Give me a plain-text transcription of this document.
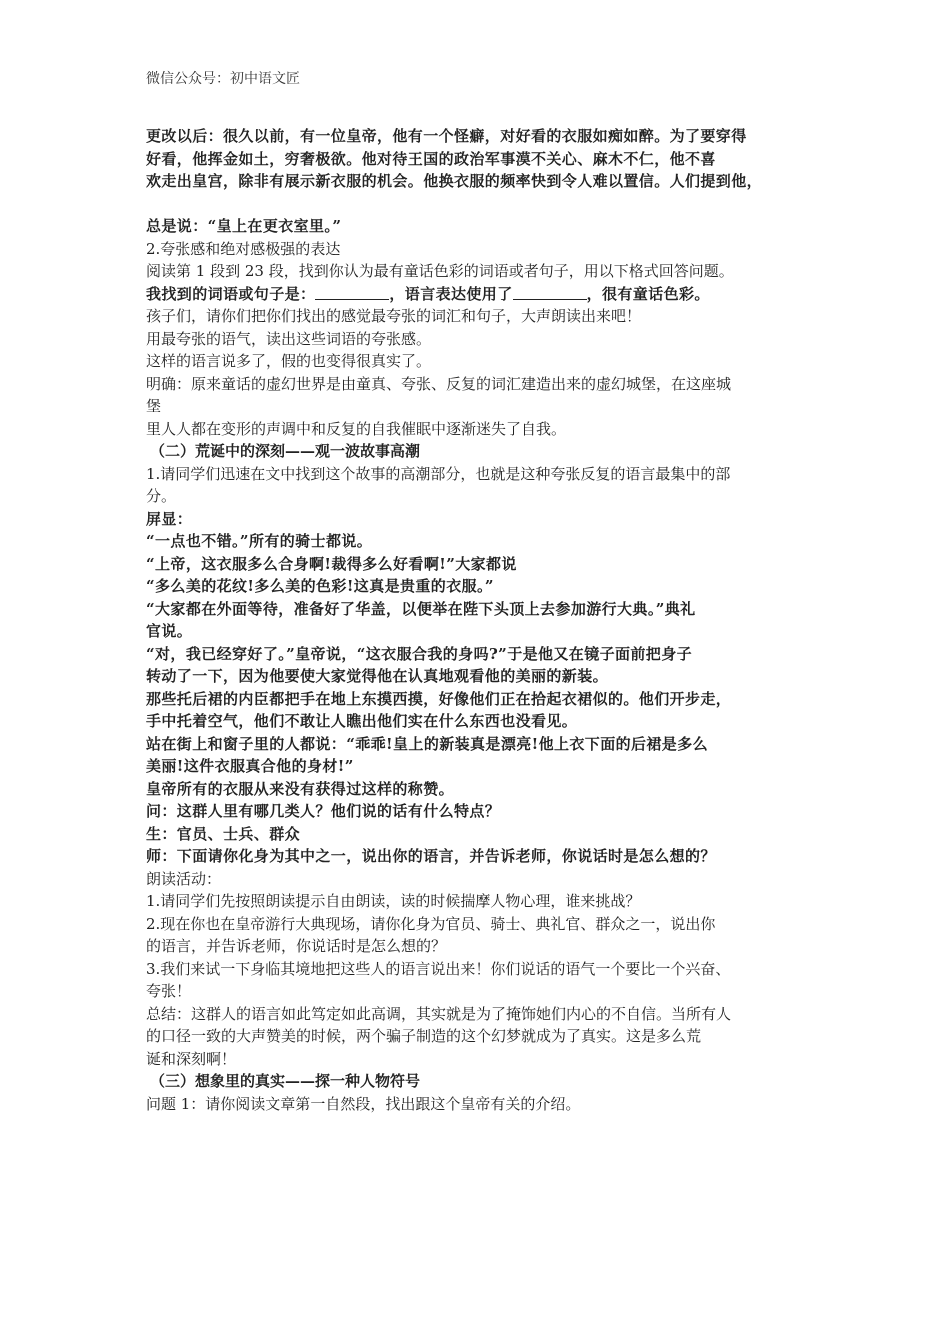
微信公众号：初中语文匠
更改以后：很久以前，有一位皇帝，他有一个怪癖，对好看的衣服如痴如醉。为了要穿得
好看，他挥金如土，穷奢极欲。他对待王国的政治军事漠不关心、麻木不仁，他不喜
欢走出皇宫，除非有展示新衣服的机会。他换衣服的频率快到令人难以置信。人们提到他，
总是说：“皇上在更衣室里。”
2.夸张感和绝对感极强的表达
阅读第 1 段到 23 段，找到你认为最有童话色彩的词语或者句子，用以下格式回答问题。
我找到的词语或句子是：	，语言表达使用了	，很有童话色彩。
孩子们，请你们把你们找出的感觉最夸张的词汇和句子，大声朗读出来吧！
用最夸张的语气，读出这些词语的夸张感。
这样的语言说多了，假的也变得很真实了。
明确：原来童话的虚幻世界是由童真、夸张、反复的词汇建造出来的虚幻城堡，在这座城
堡
里人人都在变形的声调中和反复的自我催眠中逐渐迷失了自我。
（二）荒诞中的深刻——观一波故事高潮
1.请同学们迅速在文中找到这个故事的高潮部分，也就是这种夸张反复的语言最集中的部
分。
屏显：
“一点也不错。”所有的骑士都说。
“上帝，这衣服多么合身啊!裁得多么好看啊!”大家都说
“多么美的花纹!多么美的色彩!这真是贵重的衣服。”
“大家都在外面等待，准备好了华盖，以便举在陛下头顶上去参加游行大典。”典礼
官说。
“对，我已经穿好了。”皇帝说，“这衣服合我的身吗?”于是他又在镜子面前把身子
转动了一下，因为他要使大家觉得他在认真地观看他的美丽的新装。
那些托后裙的内臣都把手在地上东摸西摸，好像他们正在拾起衣裙似的。他们开步走，
手中托着空气，他们不敢让人瞧出他们实在什么东西也没看见。
站在街上和窗子里的人都说：“乖乖!皇上的新装真是漂亮!他上衣下面的后裙是多么
美丽!这件衣服真合他的身材!”
皇帝所有的衣服从来没有获得过这样的称赞。
问：这群人里有哪几类人？他们说的话有什么特点？
生：官员、士兵、群众
师：下面请你化身为其中之一，说出你的语言，并告诉老师，你说话时是怎么想的？
朗读活动：
1.请同学们先按照朗读提示自由朗读，读的时候揣摩人物心理，谁来挑战？
2.现在你也在皇帝游行大典现场，请你化身为官员、骑士、典礼官、群众之一，说出你
的语言，并告诉老师，你说话时是怎么想的？
3.我们来试一下身临其境地把这些人的语言说出来！你们说话的语气一个要比一个兴奋、
夸张！
总结：这群人的语言如此笃定如此高调，其实就是为了掩饰她们内心的不自信。当所有人
的口径一致的大声赞美的时候，两个骗子制造的这个幻梦就成为了真实。这是多么荒
诞和深刻啊！
（三）想象里的真实——探一种人物符号
问题 1：请你阅读文章第一自然段，找出跟这个皇帝有关的介绍。
